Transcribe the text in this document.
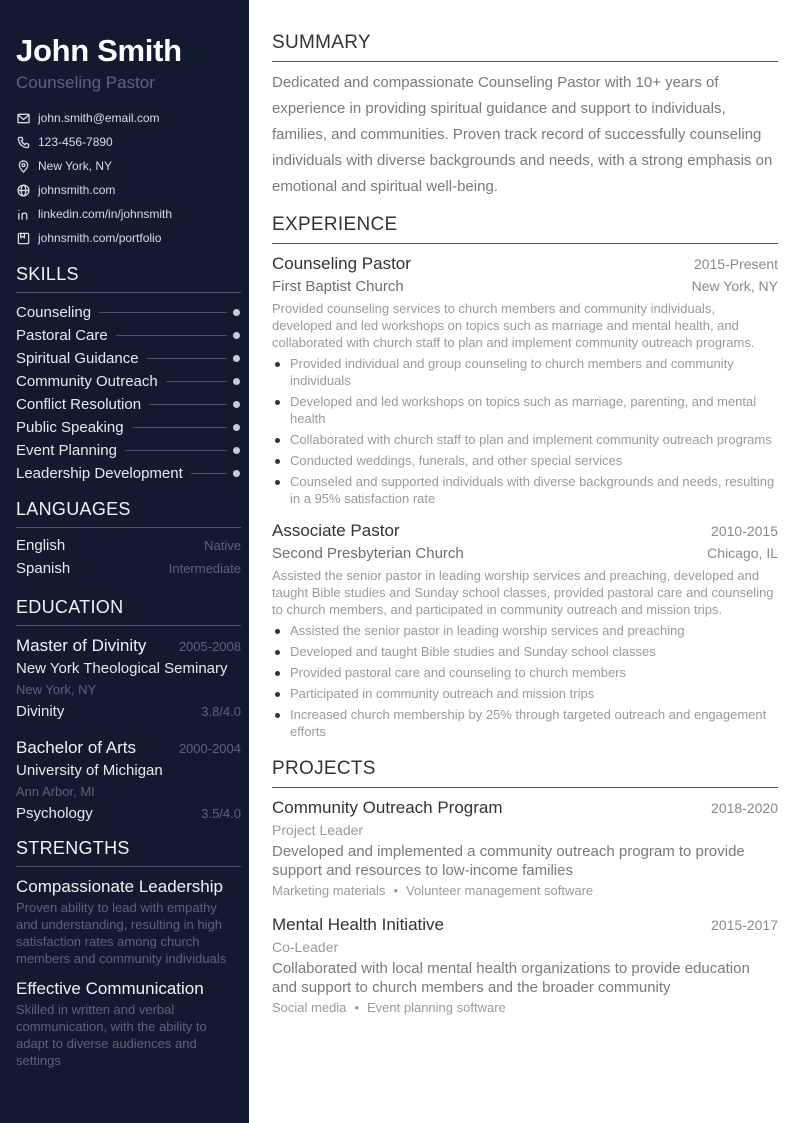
John Smith
Counseling Pastor
john.smith@email.com
123-456-7890
New York, NY
johnsmith.com
linkedin.com/in/johnsmith
johnsmith.com/portfolio
SKILLS
Counseling
Pastoral Care
Spiritual Guidance
Community Outreach
Conflict Resolution
Public Speaking
Event Planning
Leadership Development
LANGUAGES
English	Native
Spanish	Intermediate
EDUCATION
Master of Divinity 2005-2008
New York Theological Seminary
New York, NY
Divinity	3.8/4.0
Bachelor of Arts	2000-2004
University of Michigan
Ann Arbor, MI
Psychology	3.5/4.0
STRENGTHS
Compassionate Leadership
Proven ability to lead with empathy and understanding, resulting in high satisfaction rates among church members and community individuals
Effective Communication
Skilled in written and verbal communication, with the ability to adapt to diverse audiences and settings
SUMMARY
Dedicated and compassionate Counseling Pastor with 10+ years of experience in providing spiritual guidance and support to individuals, families, and communities. Proven track record of successfully counseling individuals with diverse backgrounds and needs, with a strong emphasis on emotional and spiritual well-being.
EXPERIENCE
Counseling Pastor	2015-Present
First Baptist Church	New York, NY
Provided counseling services to church members and community individuals, developed and led workshops on topics such as marriage and mental health, and collaborated with church staff to plan and implement community outreach programs.
Provided individual and group counseling to church members and community individuals
Developed and led workshops on topics such as marriage, parenting, and mental health
Collaborated with church staff to plan and implement community outreach programs
Conducted weddings, funerals, and other special services
Counseled and supported individuals with diverse backgrounds and needs, resulting in a 95% satisfaction rate
Associate Pastor	2010-2015
Second Presbyterian Church	Chicago, IL
Assisted the senior pastor in leading worship services and preaching, developed and taught Bible studies and Sunday school classes, provided pastoral care and counseling to church members, and participated in community outreach and mission trips.
Assisted the senior pastor in leading worship services and preaching
Developed and taught Bible studies and Sunday school classes
Provided pastoral care and counseling to church members
Participated in community outreach and mission trips
Increased church membership by 25% through targeted outreach and engagement efforts
PROJECTS
Community Outreach Program	2018-2020
Project Leader
Developed and implemented a community outreach program to provide support and resources to low-income families
Marketing materials • Volunteer management software
Mental Health Initiative	2015-2017
Co-Leader
Collaborated with local mental health organizations to provide education and support to church members and the broader community
Social media • Event planning software
